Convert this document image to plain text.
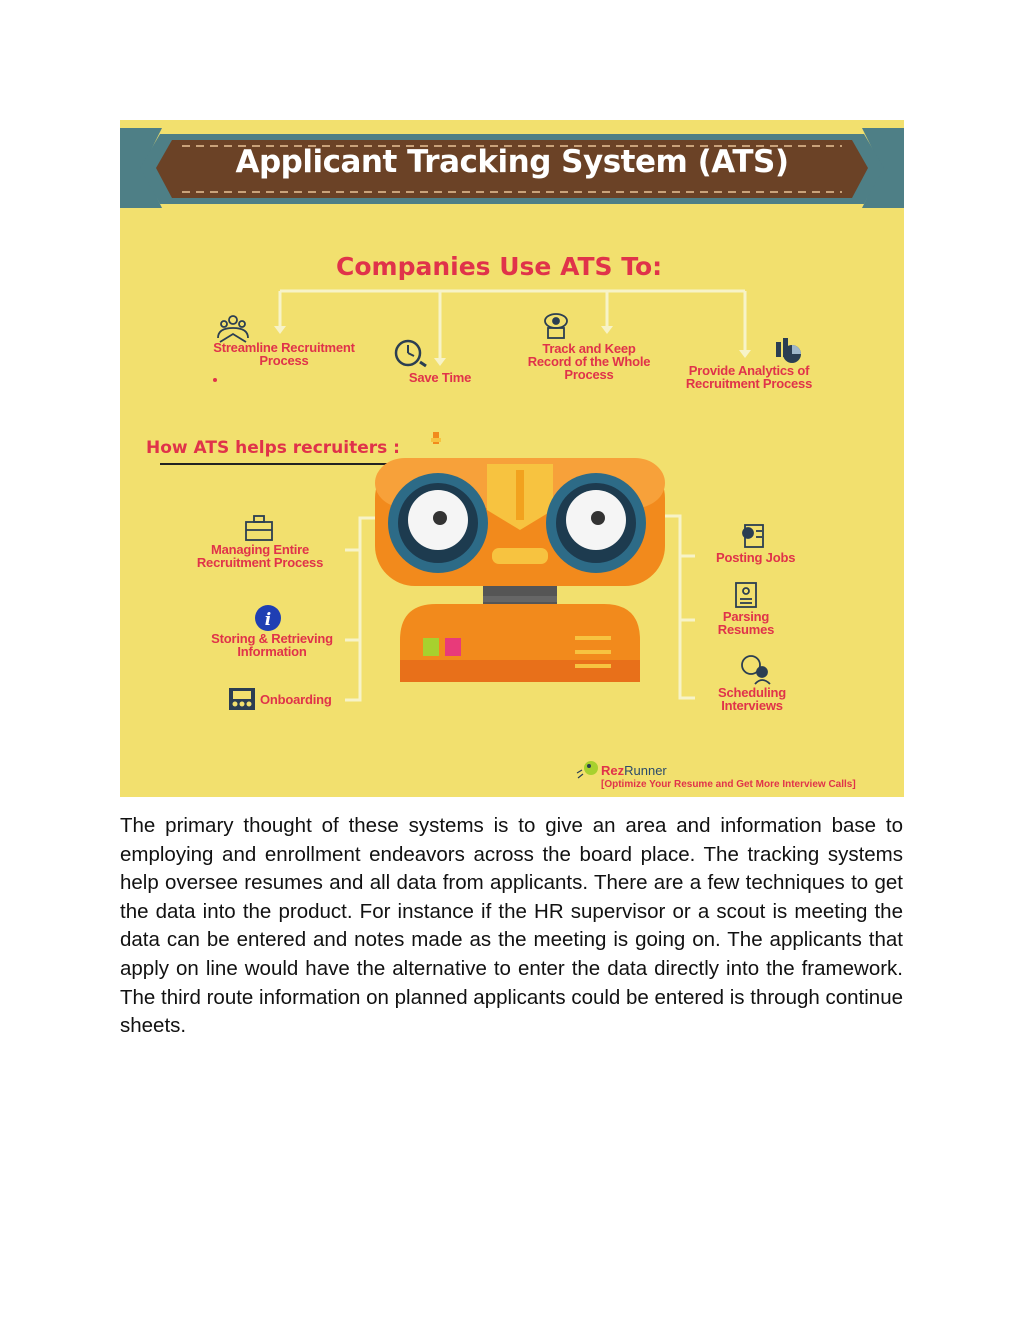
i
Applicant Tracking System (ATS)
Companies Use ATS To:
Streamline Recruitment Process
Save Time
Track and Keep Record of the Whole Process	Provide Analytics of Recruitment Process
How ATS helps recruiters :
Managing Entire Recruitment Process
Storing & Retrieving Information
Onboarding
Posting Jobs
Parsing Resumes
Scheduling Interviews
RezRunner
[Optimize Your Resume and Get More Interview Calls]
The primary thought of these systems is to give an area and information base to employing and enrollment endeavors across the board place. The tracking systems help oversee resumes and all data from applicants. There are a few techniques to get the data into the product. For instance if the HR supervisor or a scout is meeting the data can be entered and notes made as the meeting is going on. The applicants that apply on line would have the alternative to enter the data directly into the framework. The third route information on planned applicants could be entered is through continue sheets.
